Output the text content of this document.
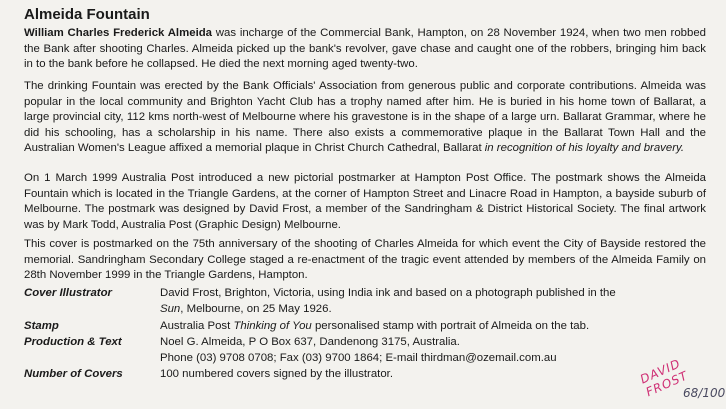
Almeida Fountain

William Charles Frederick Almeida was incharge of the Commercial Bank, Hampton, on 28 November 1924, when two men robbed the Bank after shooting Charles. Almeida picked up the bank's revolver, gave chase and caught one of the robbers, bringing him back in to the bank before he collapsed. He died the next morning aged twenty-two.

The drinking Fountain was erected by the Bank Officials' Association from generous public and corporate contributions. Almeida was popular in the local community and Brighton Yacht Club has a trophy named after him. He is buried in his home town of Ballarat, a large provincial city, 112 kms north-west of Melbourne where his gravestone is in the shape of a large urn. Ballarat Grammar, where he did his schooling, has a scholarship in his name. There also exists a commemorative plaque in the Ballarat Town Hall and the Australian Women's League affixed a memorial plaque in Christ Church Cathedral, Ballarat in recognition of his loyalty and bravery.

On 1 March 1999 Australia Post introduced a new pictorial postmarker at Hampton Post Office. The postmark shows the Almeida Fountain which is located in the Triangle Gardens, at the corner of Hampton Street and Linacre Road in Hampton, a bayside suburb of Melbourne. The postmark was designed by David Frost, a member of the Sandringham & District Historical Society. The final artwork was by Mark Todd, Australia Post (Graphic Design) Melbourne.

This cover is postmarked on the 75th anniversary of the shooting of Charles Almeida for which event the City of Bayside restored the memorial. Sandringham Secondary College staged a re-enactment of the tragic event attended by members of the Almeida Family on 28th November 1999 in the Triangle Gardens, Hampton.

Cover Illustrator	David Frost, Brighton, Victoria, using India ink and based on a photograph published in the
Sun, Melbourne, on 25 May 1926.
Stamp	Australia Post Thinking of You personalised stamp with portrait of Almeida on the tab.
Production & Text	Noel G. Almeida, P O Box 637, Dandenong 3175, Australia.
Phone (03) 9708 0708; Fax (03) 9700 1864; E-mail thirdman@ozemail.com.au
Number of Covers	100 numbered covers signed by the illustrator.	DAVID FROST
68/100
